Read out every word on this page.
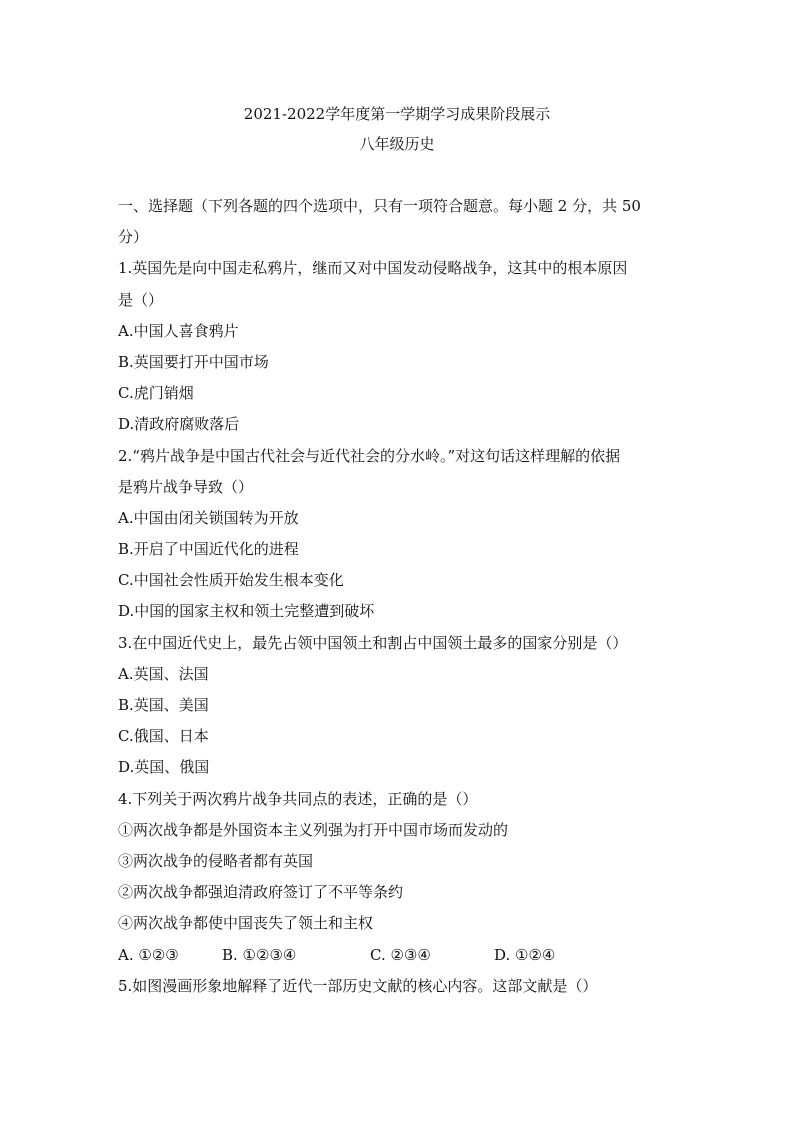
2021-2022学年度第一学期学习成果阶段展示
八年级历史
一、选择题（下列各题的四个选项中，只有一项符合题意。每小题 2 分，共 50
分）
1.英国先是向中国走私鸦片，继而又对中国发动侵略战争，这其中的根本原因
是（）
A.中国人喜食鸦片
B.英国要打开中国市场
C.虎门销烟
D.清政府腐败落后
2.“鸦片战争是中国古代社会与近代社会的分水岭。”对这句话这样理解的依据
是鸦片战争导致（）
A.中国由闭关锁国转为开放
B.开启了中国近代化的进程
C.中国社会性质开始发生根本变化
D.中国的国家主权和领土完整遭到破坏
3.在中国近代史上，最先占领中国领土和割占中国领土最多的国家分别是（）
A.英国、法国
B.英国、美国
C.俄国、日本
D.英国、俄国
4.下列关于两次鸦片战争共同点的表述，正确的是（）
①两次战争都是外国资本主义列强为打开中国市场而发动的
③两次战争的侵略者都有英国
②两次战争都强迫清政府签订了不平等条约
④两次战争都使中国丧失了领土和主权
A. ①②③	B. ①②③④	C. ②③④	D. ①②④
5.如图漫画形象地解释了近代一部历史文献的核心内容。这部文献是（）
